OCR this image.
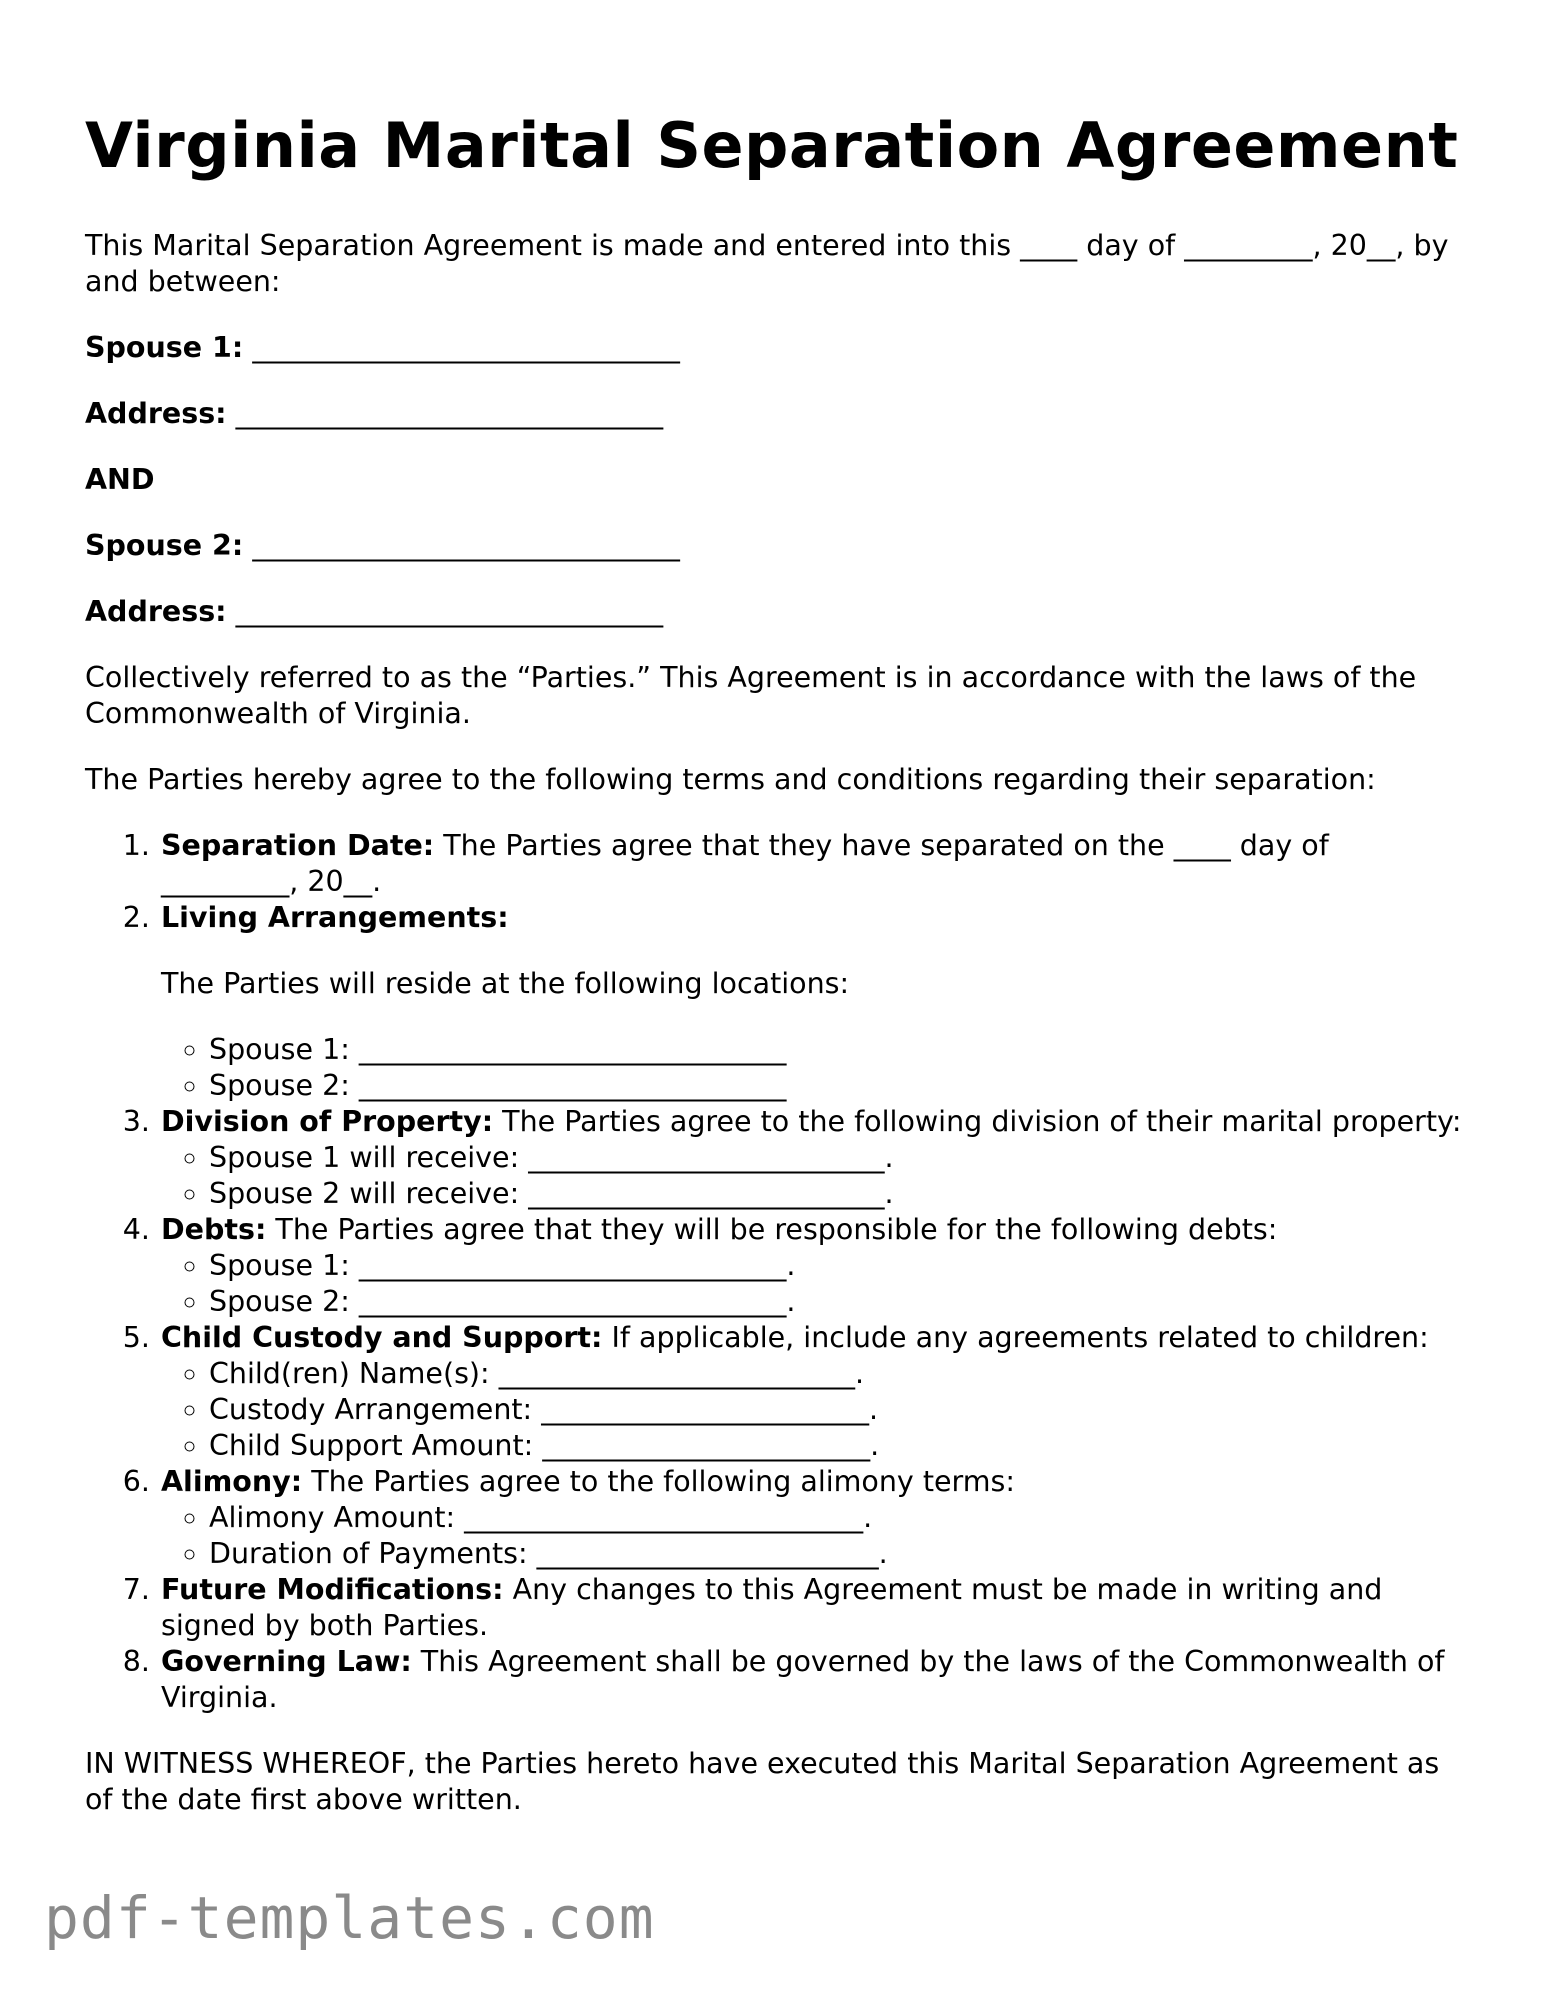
Virginia Marital Separation Agreement

This Marital Separation Agreement is made and entered into this ____ day of _________, 20__, by and between:

Spouse 1: ______________________________
Address: ______________________________
AND
Spouse 2: ______________________________
Address: ______________________________

Collectively referred to as the “Parties.” This Agreement is in accordance with the laws of the Commonwealth of Virginia.

The Parties hereby agree to the following terms and conditions regarding their separation:

1. Separation Date: The Parties agree that they have separated on the ____ day of _________, 20__.
2. Living Arrangements:
The Parties will reside at the following locations:
◦ Spouse 1: ______________________________
◦ Spouse 2: ______________________________
3. Division of Property: The Parties agree to the following division of their marital property:
◦ Spouse 1 will receive: _________________________.
◦ Spouse 2 will receive: _________________________.
4. Debts: The Parties agree that they will be responsible for the following debts:
◦ Spouse 1: ______________________________.
◦ Spouse 2: ______________________________.
5. Child Custody and Support: If applicable, include any agreements related to children:
◦ Child(ren) Name(s): _________________________.
◦ Custody Arrangement: _______________________.
◦ Child Support Amount: _______________________.
6. Alimony: The Parties agree to the following alimony terms:
◦ Alimony Amount: ____________________________.
◦ Duration of Payments: ________________________.
7. Future Modifications: Any changes to this Agreement must be made in writing and signed by both Parties.
8. Governing Law: This Agreement shall be governed by the laws of the Commonwealth of Virginia.

IN WITNESS WHEREOF, the Parties hereto have executed this Marital Separation Agreement as of the date first above written.

pdf-templates.com
